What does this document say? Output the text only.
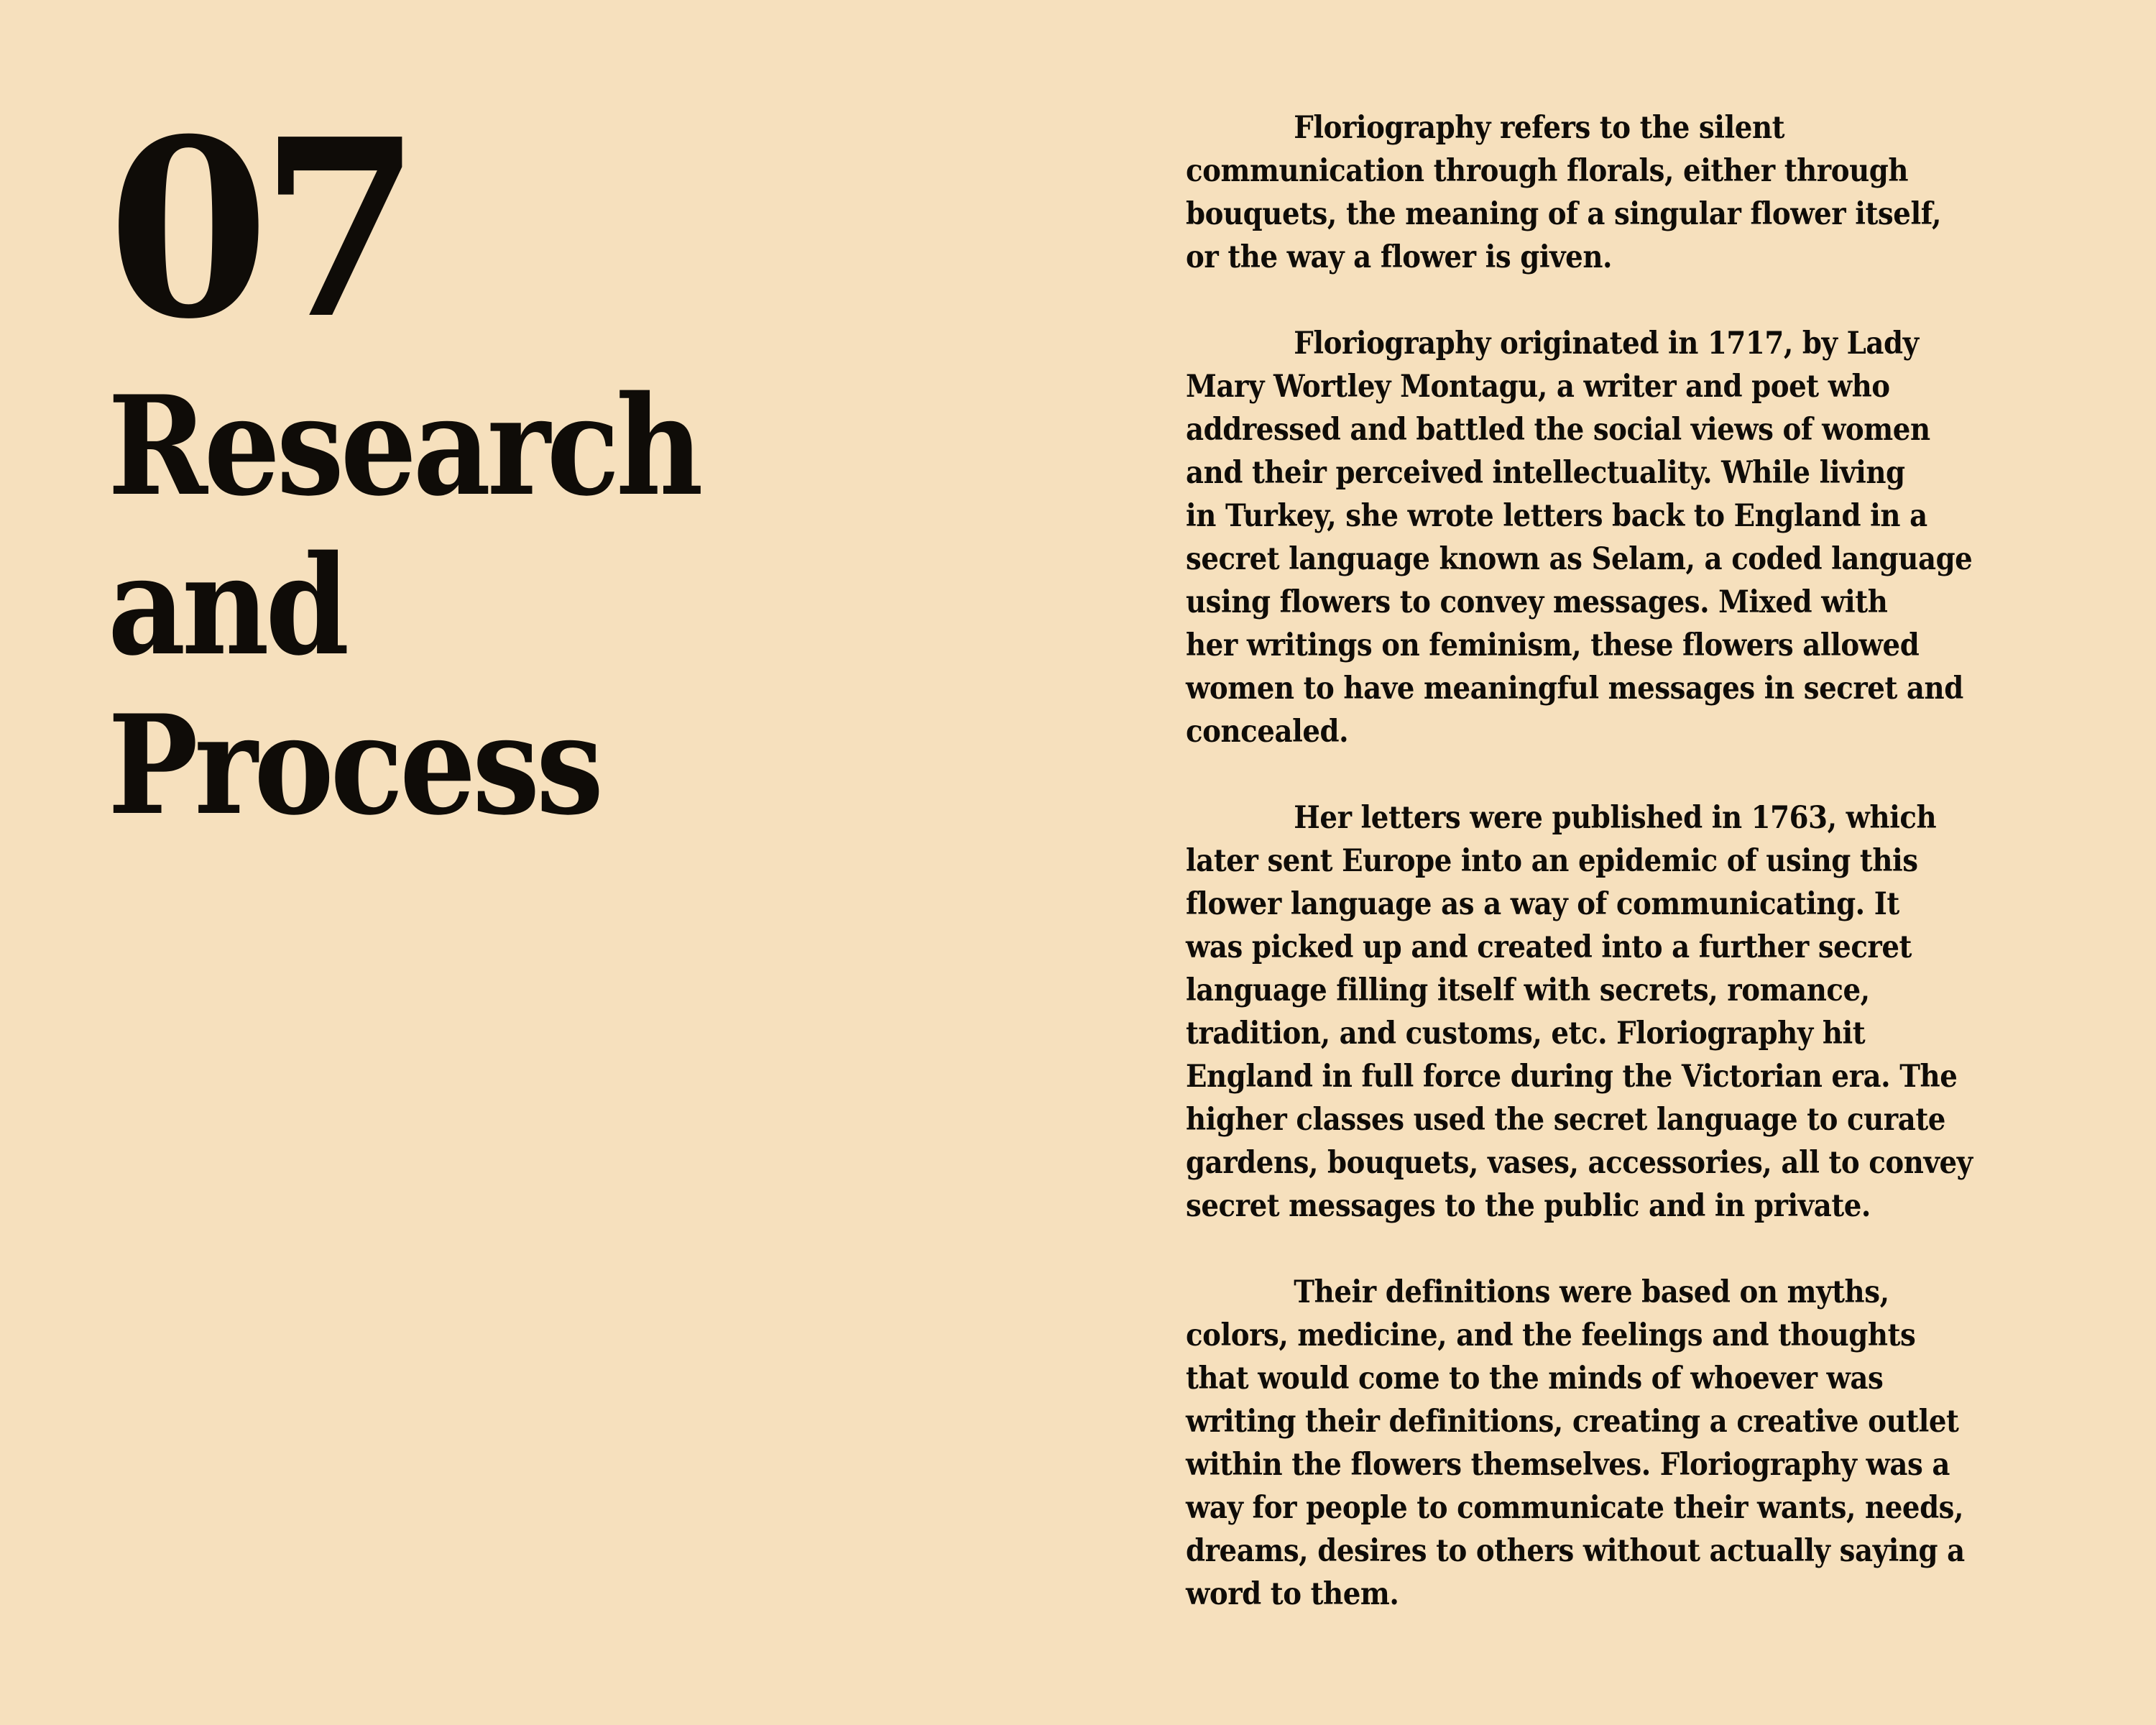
07
Research and
Process
Floriography refers to the silent
communication through florals, either through
bouquets, the meaning of a singular flower itself,
or the way a flower is given.
Floriography originated in 1717, by Lady
Mary Wortley Montagu, a writer and poet who
addressed and battled the social views of women
and their perceived intellectuality. While living
in Turkey, she wrote letters back to England in a
secret language known as Selam, a coded language
using flowers to convey messages. Mixed with
her writings on feminism, these flowers allowed
women to have meaningful messages in secret and
concealed.
Her letters were published in 1763, which
later sent Europe into an epidemic of using this
flower language as a way of communicating. It
was picked up and created into a further secret
language filling itself with secrets, romance,
tradition, and customs, etc. Floriography hit
England in full force during the Victorian era. The
higher classes used the secret language to curate
gardens, bouquets, vases, accessories, all to convey
secret messages to the public and in private.
Their definitions were based on myths,
colors, medicine, and the feelings and thoughts
that would come to the minds of whoever was
writing their definitions, creating a creative outlet
within the flowers themselves. Floriography was a
way for people to communicate their wants, needs,
dreams, desires to others without actually saying a
word to them.
